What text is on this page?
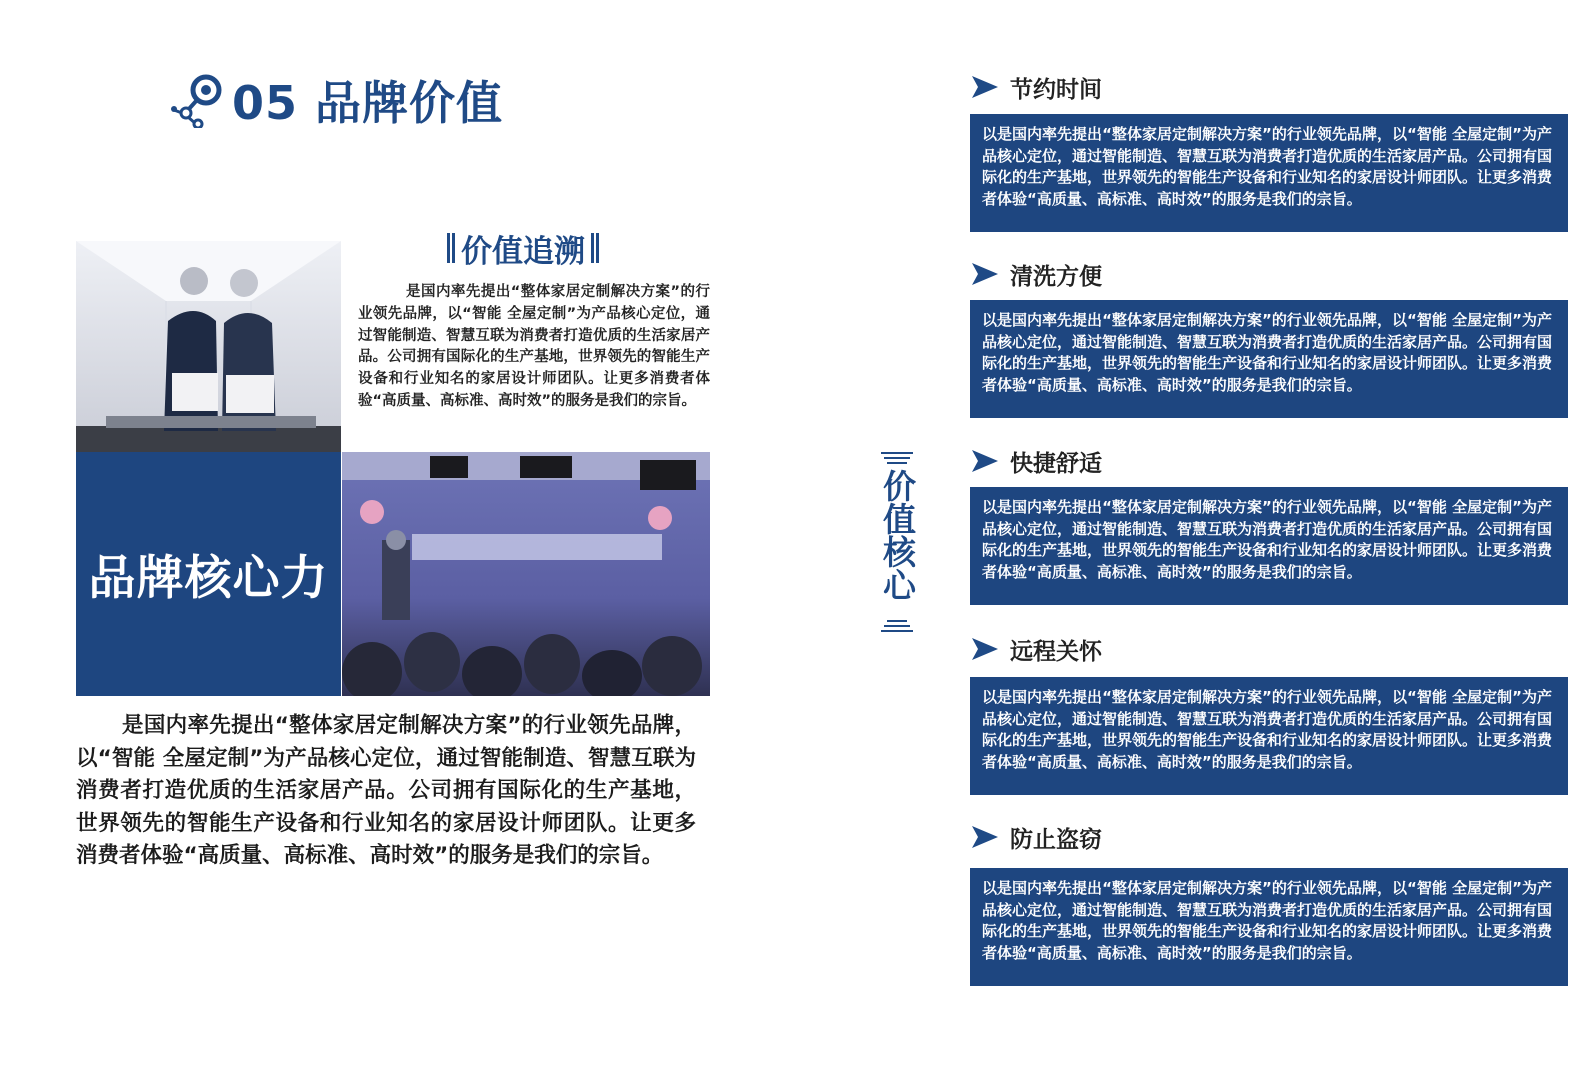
05 品牌价值
品牌核心力
价值追溯
是国内率先提出“整体家居定制解决方案”的行业领先品牌，以“智能 全屋定制”为产品核心定位，通过智能制造、智慧互联为消费者打造优质的生活家居产品。公司拥有国际化的生产基地，世界领先的智能生产设备和行业知名的家居设计师团队。让更多消费者体验“高质量、高标准、高时效”的服务是我们的宗旨。
是国内率先提出“整体家居定制解决方案”的行业领先品牌，以“智能 全屋定制”为产品核心定位，通过智能制造、智慧互联为消费者打造优质的生活家居产品。公司拥有国际化的生产基地，世界领先的智能生产设备和行业知名的家居设计师团队。让更多消费者体验“高质量、高标准、高时效”的服务是我们的宗旨。
价值核心
节约时间
以是国内率先提出“整体家居定制解决方案”的行业领先品牌，以“智能 全屋定制”为产品核心定位，通过智能制造、智慧互联为消费者打造优质的生活家居产品。公司拥有国际化的生产基地，世界领先的智能生产设备和行业知名的家居设计师团队。让更多消费者体验“高质量、高标准、高时效”的服务是我们的宗旨。
清洗方便
以是国内率先提出“整体家居定制解决方案”的行业领先品牌，以“智能 全屋定制”为产品核心定位，通过智能制造、智慧互联为消费者打造优质的生活家居产品。公司拥有国际化的生产基地，世界领先的智能生产设备和行业知名的家居设计师团队。让更多消费者体验“高质量、高标准、高时效”的服务是我们的宗旨。
快捷舒适
以是国内率先提出“整体家居定制解决方案”的行业领先品牌，以“智能 全屋定制”为产品核心定位，通过智能制造、智慧互联为消费者打造优质的生活家居产品。公司拥有国际化的生产基地，世界领先的智能生产设备和行业知名的家居设计师团队。让更多消费者体验“高质量、高标准、高时效”的服务是我们的宗旨。
远程关怀
以是国内率先提出“整体家居定制解决方案”的行业领先品牌，以“智能 全屋定制”为产品核心定位，通过智能制造、智慧互联为消费者打造优质的生活家居产品。公司拥有国际化的生产基地，世界领先的智能生产设备和行业知名的家居设计师团队。让更多消费者体验“高质量、高标准、高时效”的服务是我们的宗旨。
防止盗窃
以是国内率先提出“整体家居定制解决方案”的行业领先品牌，以“智能 全屋定制”为产品核心定位，通过智能制造、智慧互联为消费者打造优质的生活家居产品。公司拥有国际化的生产基地，世界领先的智能生产设备和行业知名的家居设计师团队。让更多消费者体验“高质量、高标准、高时效”的服务是我们的宗旨。
